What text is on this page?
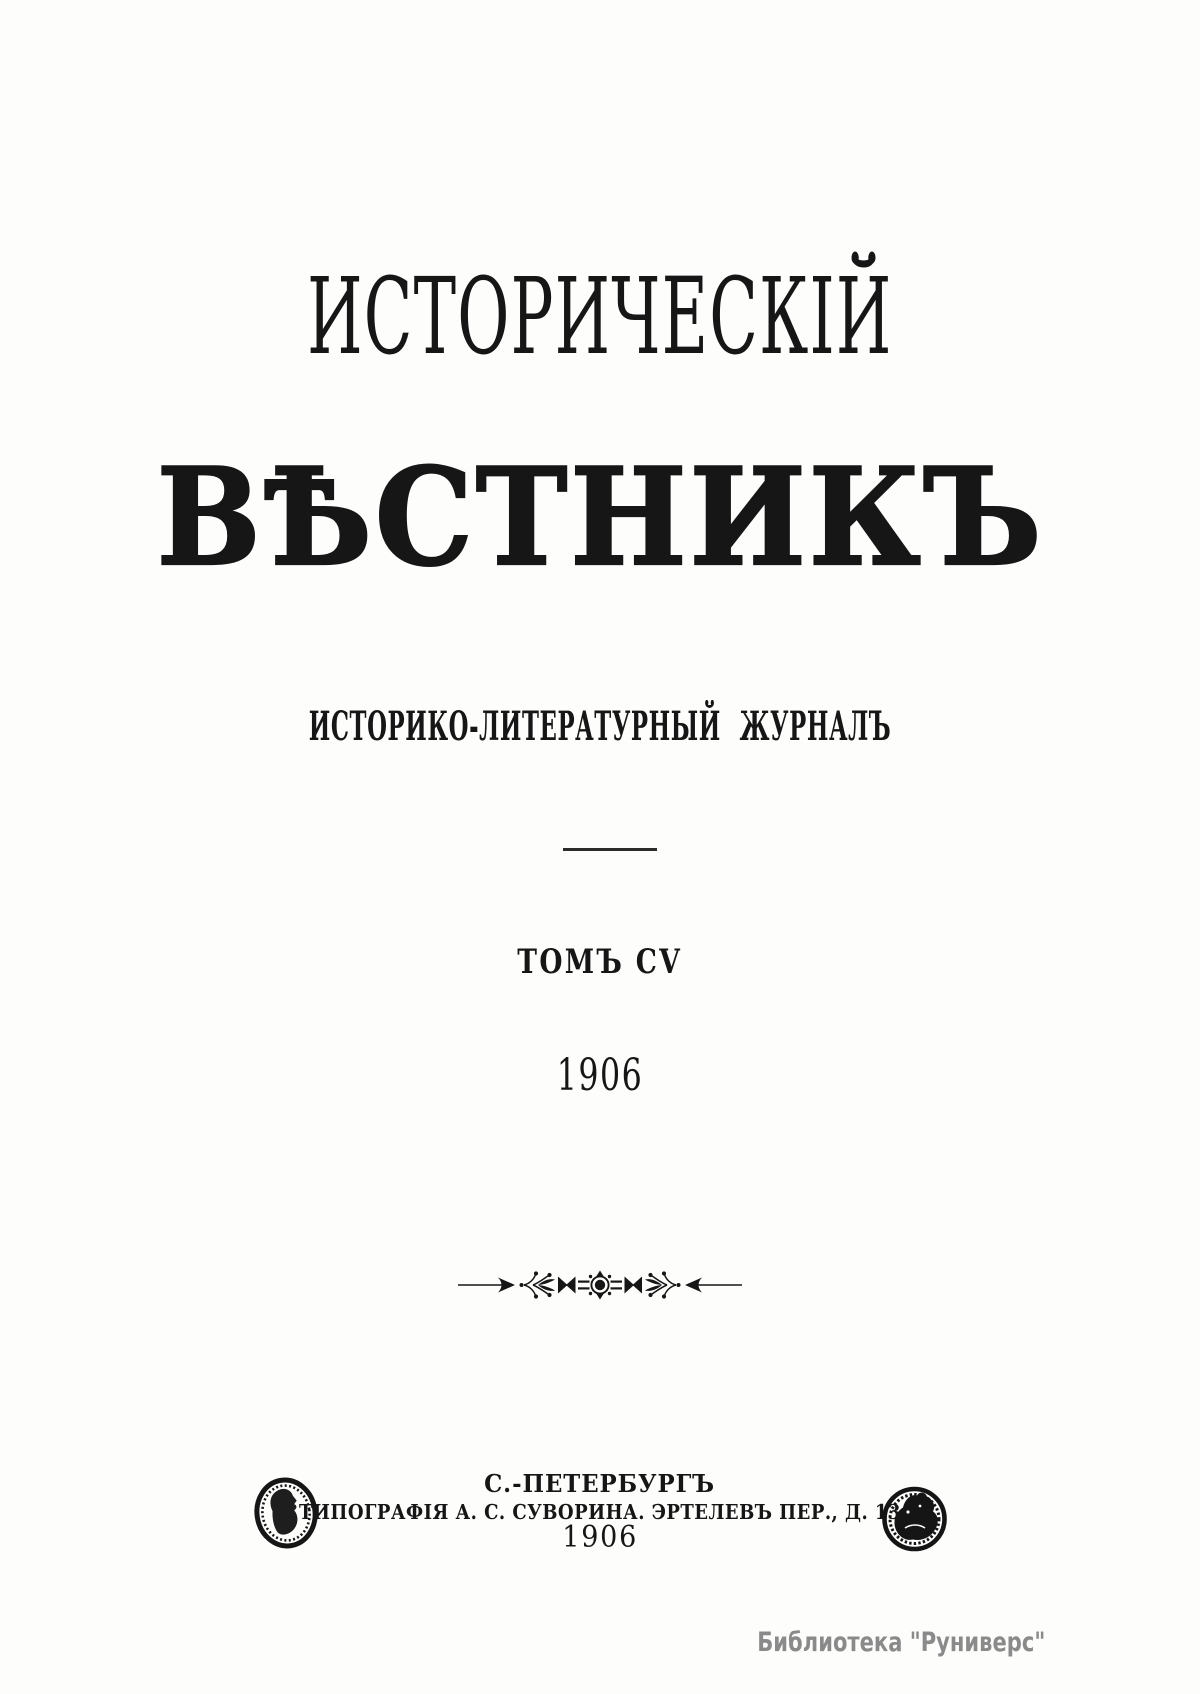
ИСТОРИЧЕСКІЙ
ВѢСТНИКЪ
ИСТОРИКО-ЛИТЕРАТУРНЫЙ ЖУРНАЛЪ
ТОМЪ CV
1906
С.-ПЕТЕРБУРГЪ
ТИПОГРАФІЯ А. С. СУВОРИНА. ЭРТЕЛЕВЪ ПЕР., Д. 13
1906
Библиотека "Руниверс"
